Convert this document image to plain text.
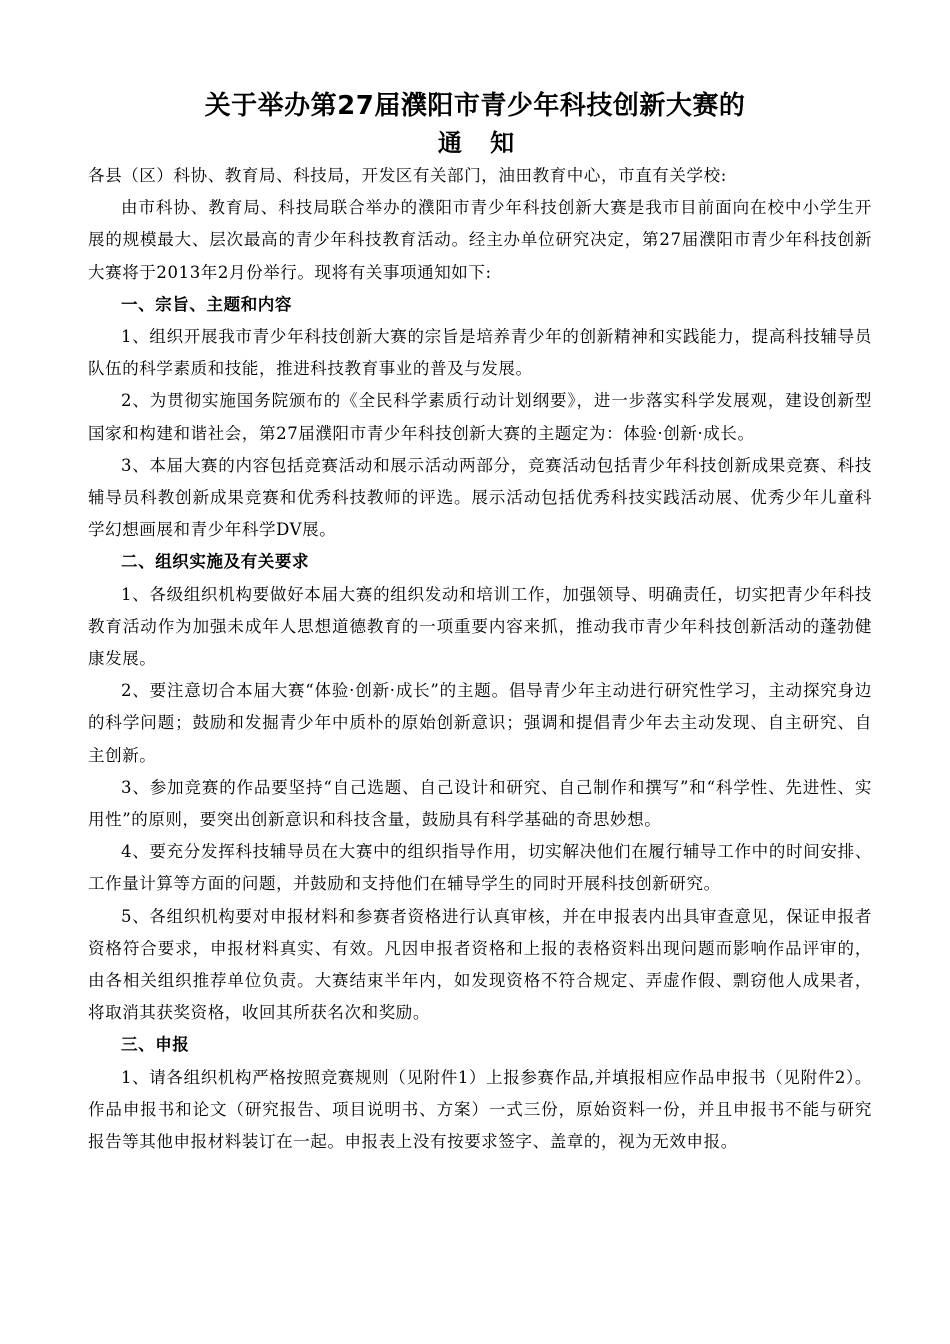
关于举办第27届濮阳市青少年科技创新大赛的
通 知

各县（区）科协、教育局、科技局，开发区有关部门，油田教育中心，市直有关学校:

由市科协、教育局、科技局联合举办的濮阳市青少年科技创新大赛是我市目前面向在校中小学生开展的规模最大、层次最高的青少年科技教育活动。经主办单位研究决定，第27届濮阳市青少年科技创新大赛将于2013年2月份举行。现将有关事项通知如下:

一、宗旨、主题和内容

1、组织开展我市青少年科技创新大赛的宗旨是培养青少年的创新精神和实践能力，提高科技辅导员队伍的科学素质和技能，推进科技教育事业的普及与发展。

2、为贯彻实施国务院颁布的《全民科学素质行动计划纲要》，进一步落实科学发展观，建设创新型国家和构建和谐社会，第27届濮阳市青少年科技创新大赛的主题定为：体验·创新·成长。

3、本届大赛的内容包括竞赛活动和展示活动两部分，竞赛活动包括青少年科技创新成果竞赛、科技辅导员科教创新成果竞赛和优秀科技教师的评选。展示活动包括优秀科技实践活动展、优秀少年儿童科学幻想画展和青少年科学DV展。

二、组织实施及有关要求

1、各级组织机构要做好本届大赛的组织发动和培训工作，加强领导、明确责任，切实把青少年科技教育活动作为加强未成年人思想道德教育的一项重要内容来抓，推动我市青少年科技创新活动的蓬勃健康发展。

2、要注意切合本届大赛“体验·创新·成长”的主题。倡导青少年主动进行研究性学习，主动探究身边的科学问题；鼓励和发掘青少年中质朴的原始创新意识；强调和提倡青少年去主动发现、自主研究、自主创新。

3、参加竞赛的作品要坚持“自己选题、自己设计和研究、自己制作和撰写”和“科学性、先进性、实用性”的原则，要突出创新意识和科技含量，鼓励具有科学基础的奇思妙想。

4、要充分发挥科技辅导员在大赛中的组织指导作用，切实解决他们在履行辅导工作中的时间安排、工作量计算等方面的问题，并鼓励和支持他们在辅导学生的同时开展科技创新研究。

5、各组织机构要对申报材料和参赛者资格进行认真审核，并在申报表内出具审查意见，保证申报者资格符合要求，申报材料真实、有效。凡因申报者资格和上报的表格资料出现问题而影响作品评审的，由各相关组织推荐单位负责。大赛结束半年内，如发现资格不符合规定、弄虚作假、剽窃他人成果者，将取消其获奖资格，收回其所获名次和奖励。

三、申报

1、请各组织机构严格按照竞赛规则（见附件1）上报参赛作品,并填报相应作品申报书（见附件2）。作品申报书和论文（研究报告、项目说明书、方案）一式三份，原始资料一份，并且申报书不能与研究报告等其他申报材料装订在一起。申报表上没有按要求签字、盖章的，视为无效申报。
